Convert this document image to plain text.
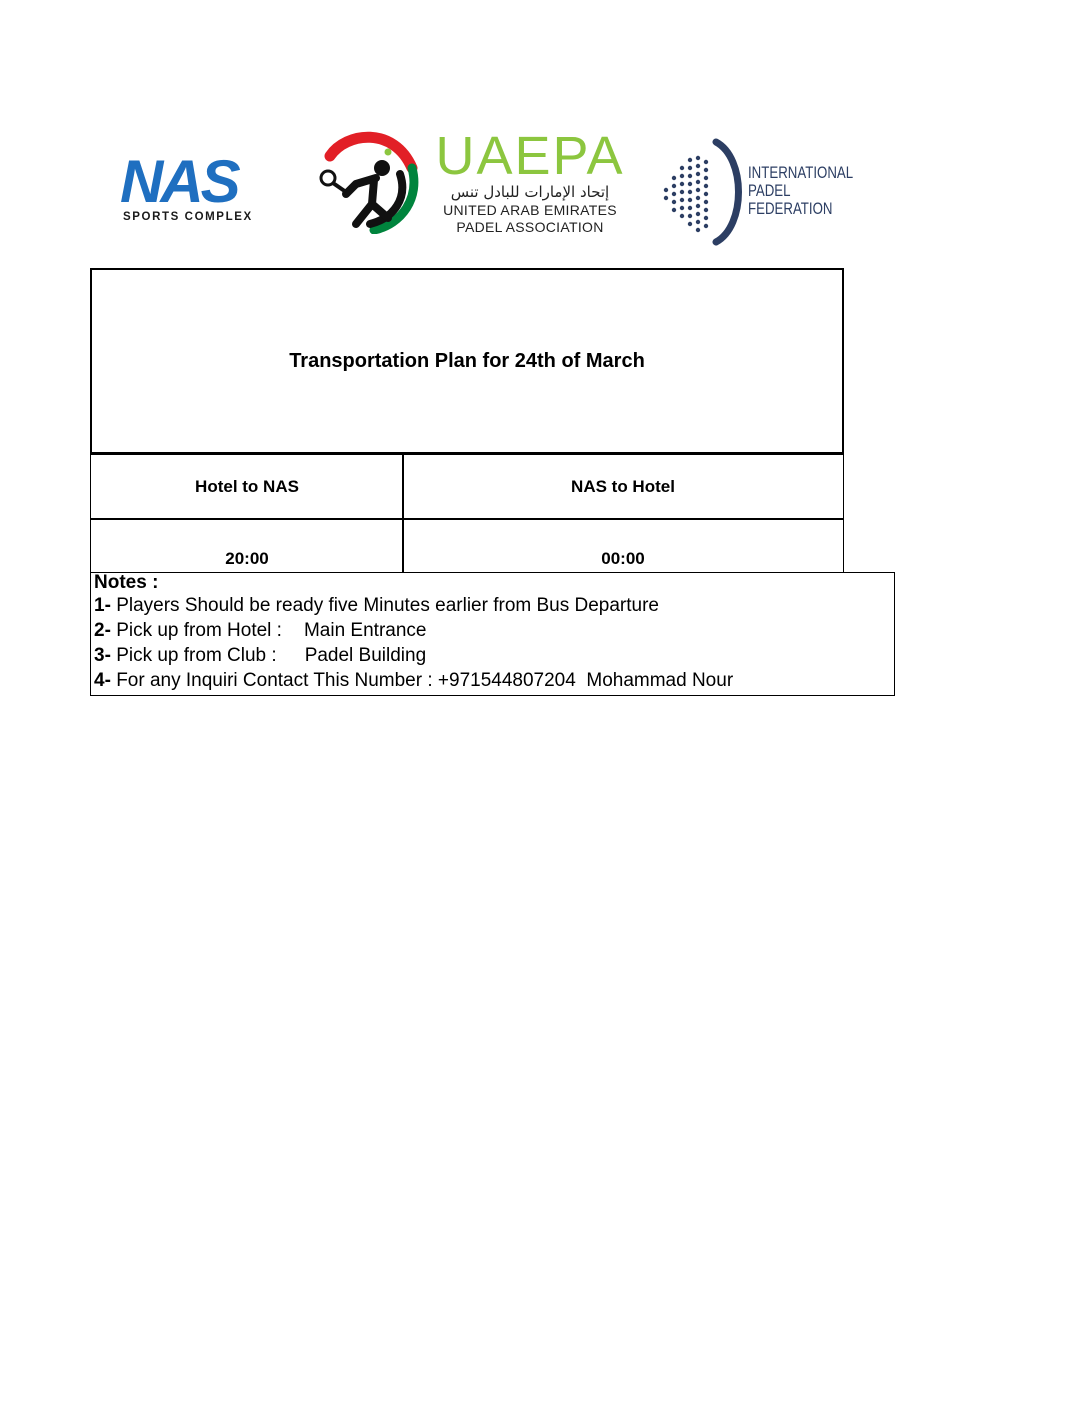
NAS
SPORTS COMPLEX
UAEPA
إتحاد الإمارات للبادل تنس
UNITED ARAB EMIRATES
PADEL ASSOCIATION
INTERNATIONAL
PADEL
FEDERATION
Transportation Plan for 24th of March
Hotel to NAS	NAS to Hotel
20:00	00:00
Notes :
1- Players Should be ready five Minutes earlier from Bus Departure
2- Pick up from Hotel : Main Entrance
3- Pick up from Club : Padel Building
4- For any Inquiri Contact This Number : +971544807204  Mohammad Nour
